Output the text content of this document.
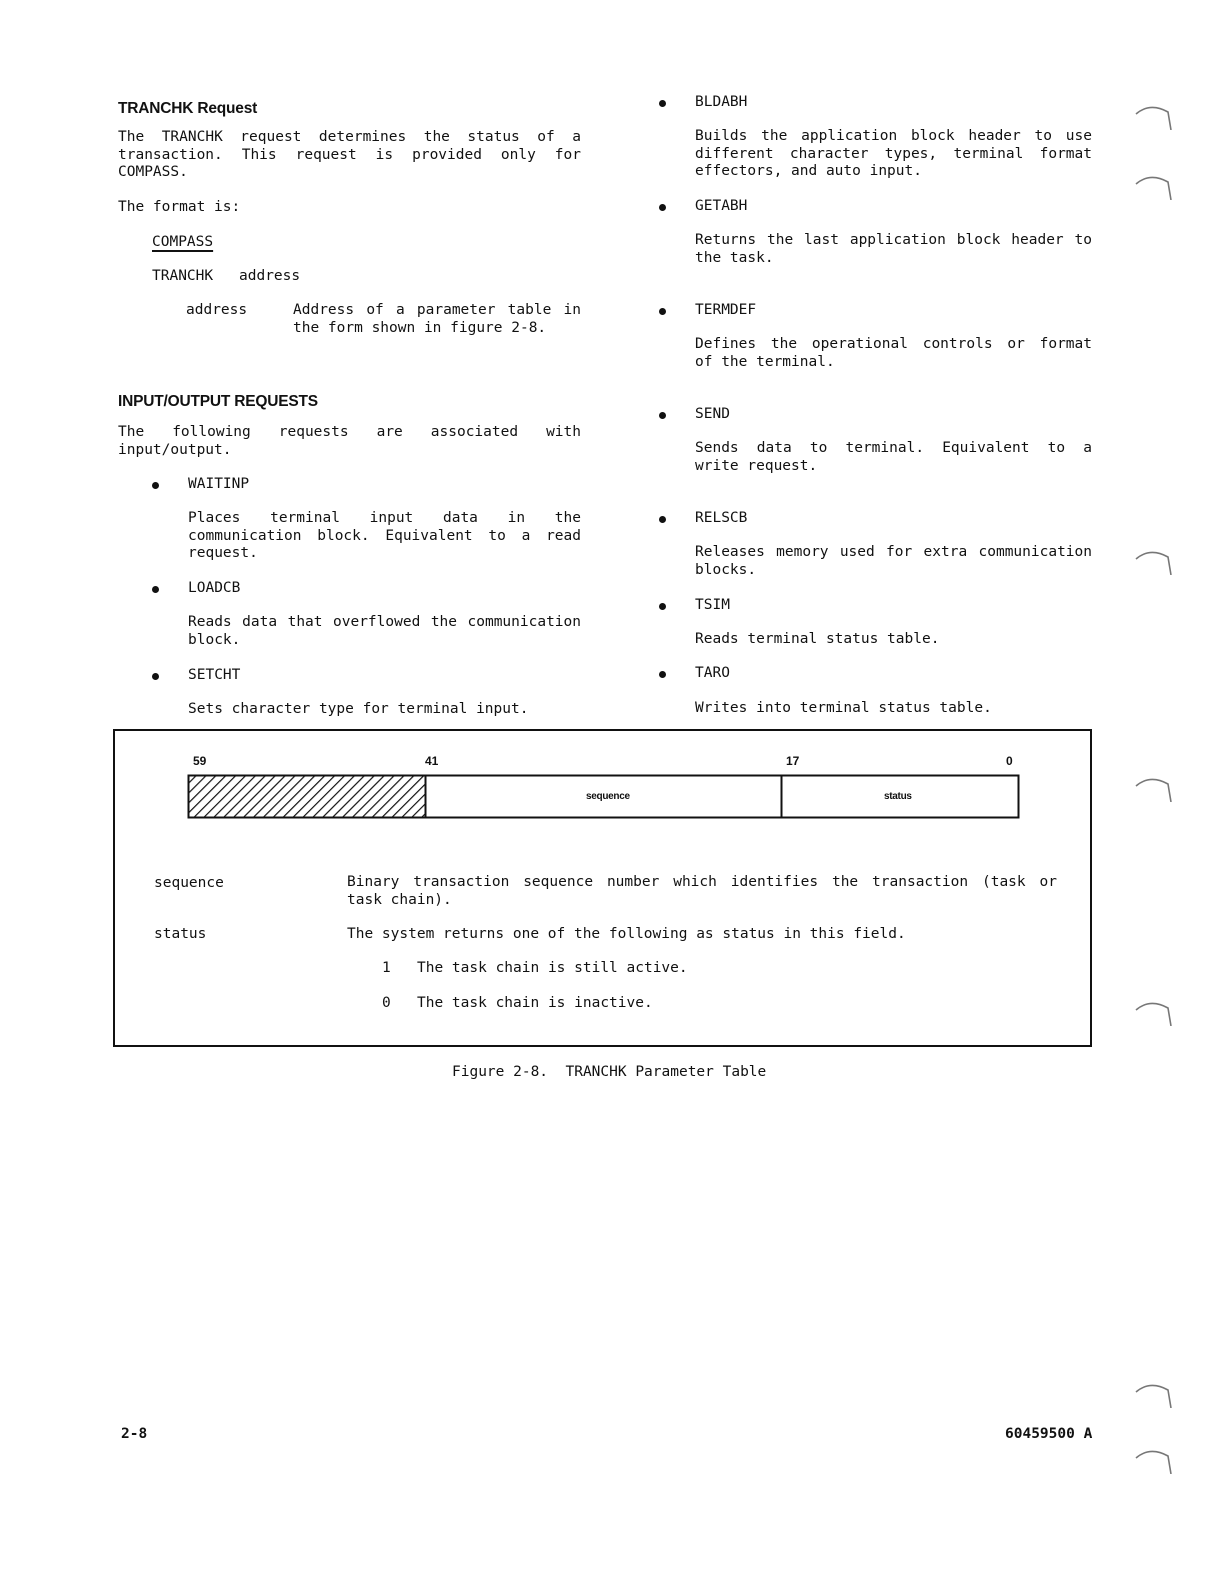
TRANCHK Request
The TRANCHK request determines the status of a
transaction. This request is provided only for
COMPASS.
The format is:
COMPASS
TRANCHK address
address	Address of a parameter table in
the form shown in figure 2-8.
INPUT/OUTPUT REQUESTS
The following requests are associated with
input/output.
WAITINP
Places terminal input data in the
communication block. Equivalent to a read
request.
LOADCB
Reads data that overflowed the communication
block.
SETCHT
Sets character type for terminal input.
BLDABH
Builds the application block header to use
different character types, terminal format
effectors, and auto input.
GETABH
Returns the last application block header to
the task.
TERMDEF
Defines the operational controls or format
of the terminal.
SEND
Sends data to terminal. Equivalent to a
write request.
RELSCB
Releases memory used for extra communication
blocks.
TSIM
Reads terminal status table.
TARO
Writes into terminal status table.
59	41	17	0
sequence	status
sequence	Binary transaction sequence number which identifies the transaction (task or
task chain).
status	The system returns one of the following as status in this field.
1 The task chain is still active.
0 The task chain is inactive.
Figure 2-8.  TRANCHK Parameter Table
2-8	60459500 A
